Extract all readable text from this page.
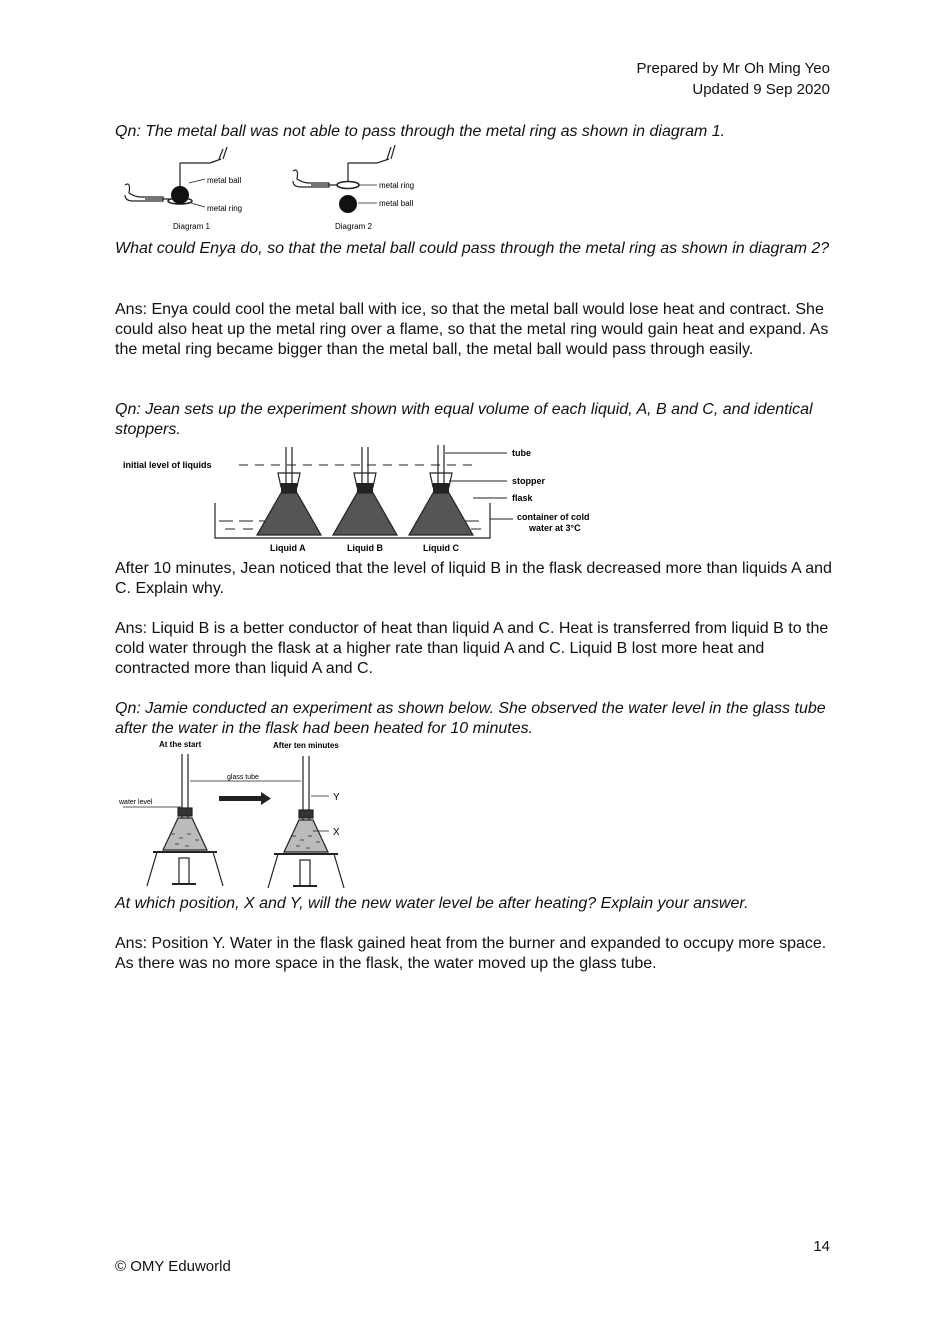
Prepared by Mr Oh Ming Yeo
Updated 9 Sep 2020
Qn: The metal ball was not able to pass through the metal ring as shown in diagram 1.
metal ball
metal ring
Diagram 1
metal ring
metal ball
Diagram 2
What could Enya do, so that the metal ball could pass through the metal ring as shown in diagram 2?
Ans: Enya could cool the metal ball with ice, so that the metal ball would lose heat and contract. She could also heat up the metal ring over a flame, so that the metal ring would gain heat and expand. As the metal ring became bigger than the metal ball, the metal ball would pass through easily.
Qn: Jean sets up the experiment shown with equal volume of each liquid, A, B and C, and identical stoppers.
initial level of liquids
tube
stopper
flask
container of cold
water at 3°C
Liquid A	Liquid B	Liquid C
After 10 minutes, Jean noticed that the level of liquid B in the flask decreased more than liquids A and C. Explain why.
Ans: Liquid B is a better conductor of heat than liquid A and C. Heat is transferred from liquid B to the cold water through the flask at a higher rate than liquid A and C. Liquid B lost more heat and contracted more than liquid A and C.
Qn: Jamie conducted an experiment as shown below. She observed the water level in the glass tube after the water in the flask had been heated for 10 minutes.
At the start	After ten minutes
water level
glass tube
Y
X
At which position, X and Y, will the new water level be after heating? Explain your answer.
Ans: Position Y. Water in the flask gained heat from the burner and expanded to occupy more space. As there was no more space in the flask, the water moved up the glass tube.
14
© OMY Eduworld
